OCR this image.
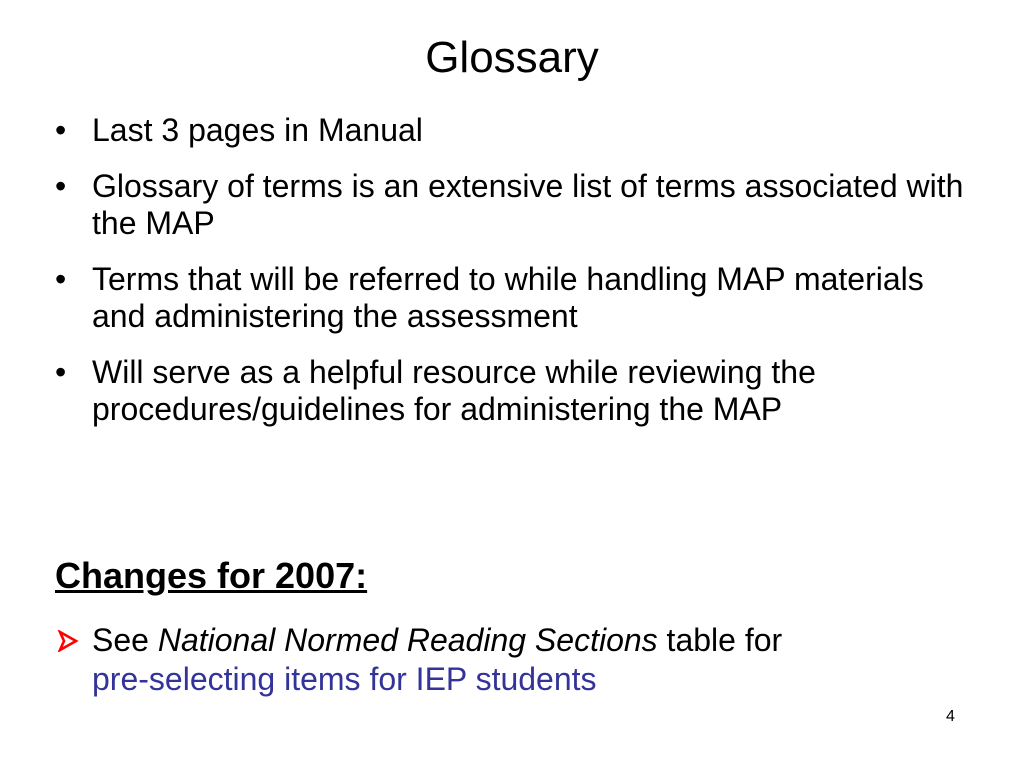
Glossary
• Last 3 pages in Manual
• Glossary of terms is an extensive list of terms associated with the MAP
• Terms that will be referred to while handling MAP materials and administering the assessment
• Will serve as a helpful resource while reviewing the procedures/guidelines for administering the MAP
Changes for 2007:
See National Normed Reading Sections table for
pre-selecting items for IEP students
4
